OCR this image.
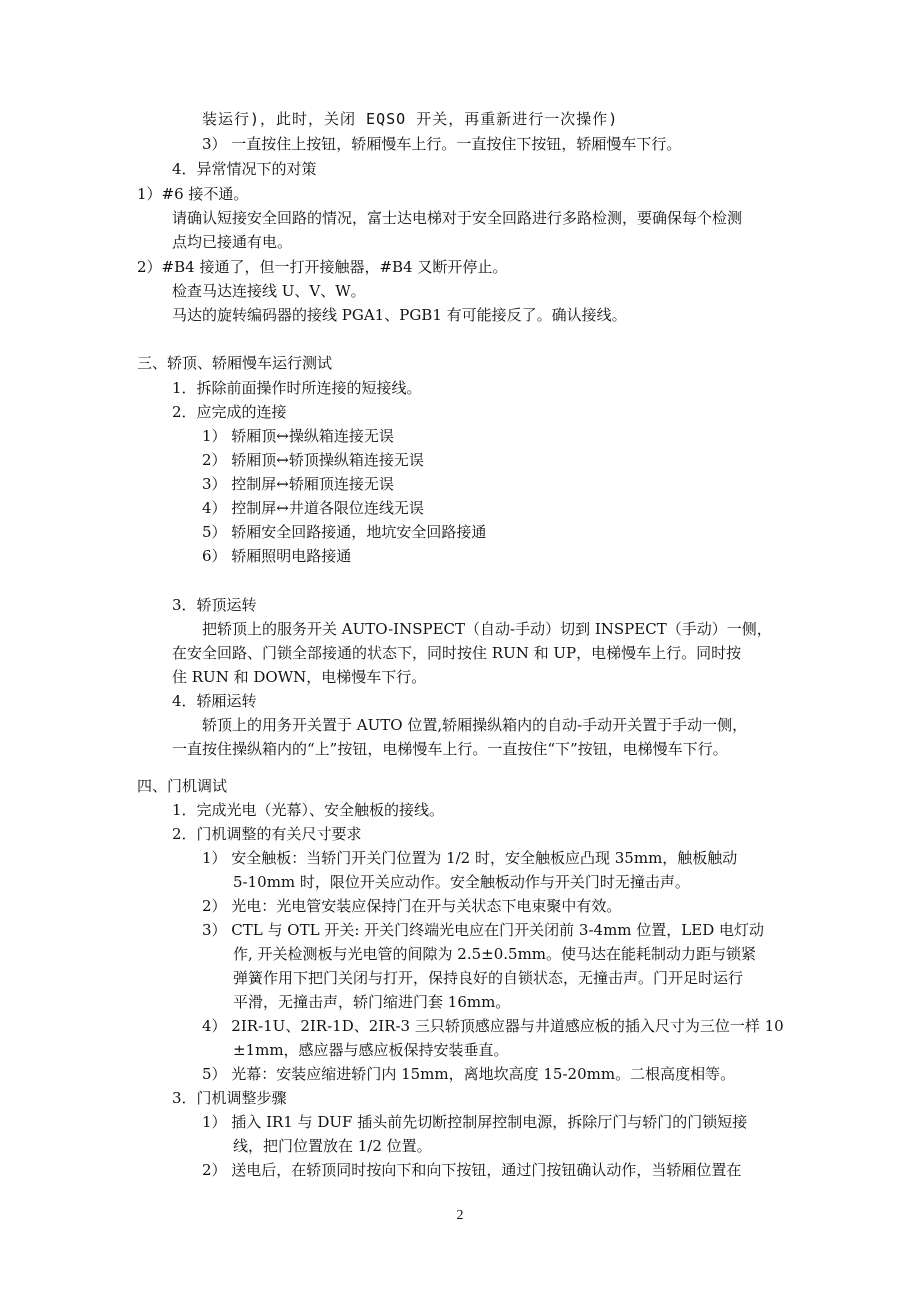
装运行)，此时，关闭 EQSO 开关，再重新进行一次操作)
3） 一直按住上按钮，轿厢慢车上行。一直按住下按钮，轿厢慢车下行。
4．异常情况下的对策
1）#6 接不通。
请确认短接安全回路的情况，富士达电梯对于安全回路进行多路检测，要确保每个检测
点均已接通有电。
2）#B4 接通了，但一打开接触器，#B4 又断开停止。
检查马达连接线 U、V、W。
马达的旋转编码器的接线 PGA1、PGB1 有可能接反了。确认接线。
三、轿顶、轿厢慢车运行测试
1．拆除前面操作时所连接的短接线。
2．应完成的连接
1） 轿厢顶↔操纵箱连接无误
2） 轿厢顶↔轿顶操纵箱连接无误
3） 控制屏↔轿厢顶连接无误
4） 控制屏↔井道各限位连线无误
5） 轿厢安全回路接通，地坑安全回路接通
6） 轿厢照明电路接通
3．轿顶运转
把轿顶上的服务开关 AUTO-INSPECT（自动-手动）切到 INSPECT（手动）一侧，
在安全回路、门锁全部接通的状态下，同时按住 RUN 和 UP，电梯慢车上行。同时按
住 RUN 和 DOWN，电梯慢车下行。
4．轿厢运转
轿顶上的用务开关置于 AUTO 位置,轿厢操纵箱内的自动-手动开关置于手动一侧，
一直按住操纵箱内的“上”按钮，电梯慢车上行。一直按住“下”按钮，电梯慢车下行。
四、门机调试
1．完成光电（光幕）、安全触板的接线。
2．门机调整的有关尺寸要求
1） 安全触板：当轿门开关门位置为 1/2 时，安全触板应凸现 35mm，触板触动
5-10mm 时，限位开关应动作。安全触板动作与开关门时无撞击声。
2） 光电：光电管安装应保持门在开与关状态下电束聚中有效。
3） CTL 与 OTL 开关: 开关门终端光电应在门开关闭前 3-4mm 位置，LED 电灯动
作, 开关检测板与光电管的间隙为 2.5±0.5mm。使马达在能耗制动力距与锁紧
弹簧作用下把门关闭与打开，保持良好的自锁状态，无撞击声。门开足时运行
平滑，无撞击声，轿门缩进门套 16mm。
4） 2IR-1U、2IR-1D、2IR-3 三只轿顶感应器与井道感应板的插入尺寸为三位一样 10
±1mm，感应器与感应板保持安装垂直。
5） 光幕：安装应缩进轿门内 15mm，离地坎高度 15-20mm。二根高度相等。
3．门机调整步骤
1） 插入 IR1 与 DUF 插头前先切断控制屏控制电源，拆除厅门与轿门的门锁短接
线，把门位置放在 1/2 位置。
2） 送电后，在轿顶同时按向下和向下按钮，通过门按钮确认动作，当轿厢位置在
2
